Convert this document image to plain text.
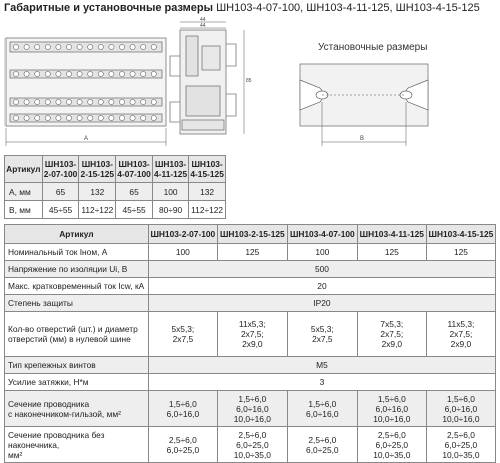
Габаритные и установочные размеры ШН103-4-07-100, ШН103-4-11-125, ШН103-4-15-125
A
44
44
85
Установочные размеры
B
Артикул	ШН103-
2-07-100	ШН103-
2-15-125	ШН103-
4-07-100	ШН103-
4-11-125	ШН103-
4-15-125
А, мм	65	132	65	100	132
В, мм	45÷55	112÷122	45÷55	80÷90	112÷122
Артикул	ШН103-2-07-100	ШН103-2-15-125	ШН103-4-07-100	ШН103-4-11-125	ШН103-4-15-125
Номинальный ток Iном, А	100	125	100	125	125
Напряжение по изоляции Ui, В	500				
Макс. кратковременный ток Icw, кА	20				
Степень защиты	IP20				
Кол-во отверстий (шт.) и диаметр
отверстий (мм) в нулевой шине	5х5,3;
2х7,5	11х5,3;
2х7,5;
2х9,0	5х5,3;
2х7,5	7х5,3;
2х7,5;
2х9,0	11х5,3;
2х7,5;
2х9,0
Тип крепежных винтов	M5				
Усилие затяжки, Н*м	3				
Сечение проводника
с наконечником-гильзой, мм²	1,5÷6,0
6,0÷16,0	1,5÷6,0
6,0÷16,0
10,0÷16,0	1,5÷6,0
6,0÷16,0	1,5÷6,0
6,0÷16,0
10,0÷16,0	1,5÷6,0
6,0÷16,0
10,0÷16,0
Сечение проводника без наконечника,
мм²	2,5÷6,0
6,0÷25,0	2,5÷6,0
6,0÷25,0
10,0÷35,0	2,5÷6,0
6,0÷25,0	2,5÷6,0
6,0÷25,0
10,0÷35,0	2,5÷6,0
6,0÷25,0
10,0÷35,0
